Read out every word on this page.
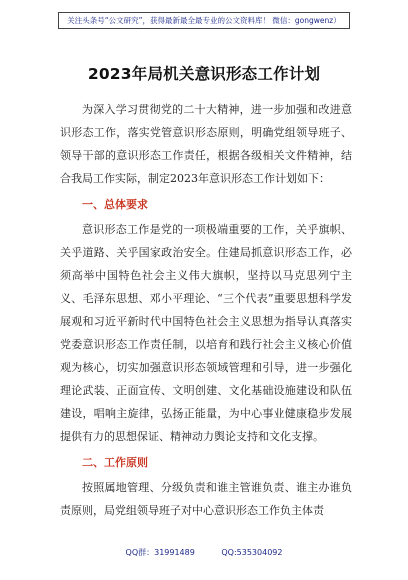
关注头条号“公文研究”，获得最新最全最专业的公文资料库！ 微信：gongwenz）
2023年局机关意识形态工作计划

为深入学习贯彻党的二十大精神，进一步加强和改进意识形态工作，落实党管意识形态原则，明确党组领导班子、领导干部的意识形态工作责任，根据各级相关文件精神，结合我局工作实际，制定2023年意识形态工作计划如下：

一、总体要求

意识形态工作是党的一项极端重要的工作，关乎旗帜、关乎道路、关乎国家政治安全。住建局抓意识形态工作，必须高举中国特色社会主义伟大旗帜，坚持以马克思列宁主义、毛泽东思想、邓小平理论、“三个代表”重要思想科学发展观和习近平新时代中国特色社会主义思想为指导认真落实党委意识形态工作责任制，以培育和践行社会主义核心价值观为核心，切实加强意识形态领域管理和引导，进一步强化理论武装、正面宣传、文明创建、文化基础设施建设和队伍建设，唱响主旋律，弘扬正能量，为中心事业健康稳步发展提供有力的思想保证、精神动力舆论支持和文化支撑。

二、工作原则

按照属地管理、分级负责和谁主管谁负责、谁主办谁负责原则，局党组领导班子对中心意识形态工作负主体责

QQ群：31991489	QQ:535304092
